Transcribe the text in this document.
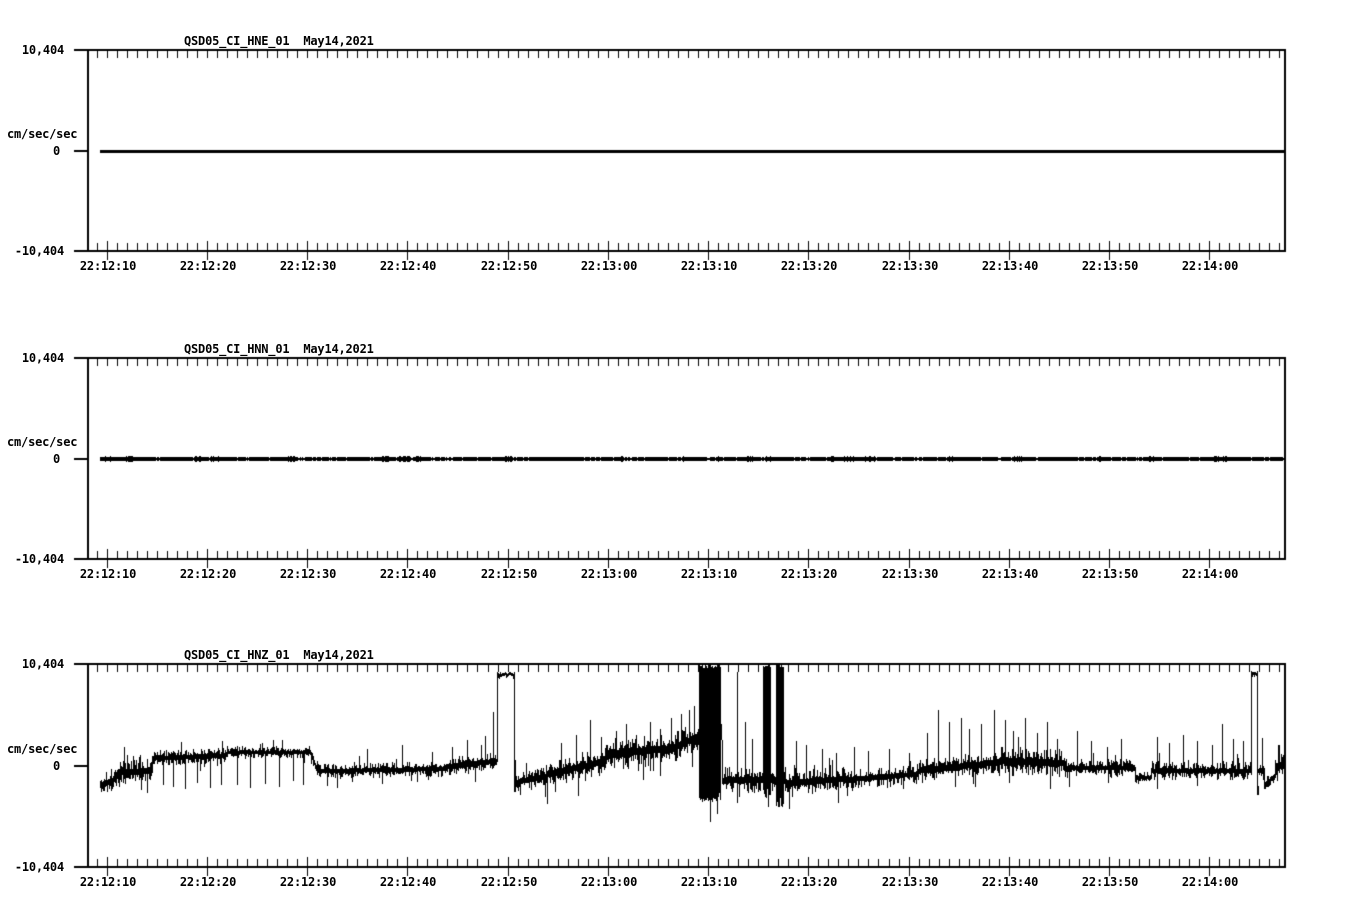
QSD05_CI_HNE_01 May14,2021
10,404
cm/sec/sec
0
-10,404
22:12:10	22:12:20	22:12:30	22:12:40	22:12:50	22:13:00	22:13:10	22:13:20	22:13:30	22:13:40	22:13:50	22:14:00
QSD05_CI_HNN_01 May14,2021
10,404
cm/sec/sec
0
-10,404
22:12:10	22:12:20	22:12:30	22:12:40	22:12:50	22:13:00	22:13:10	22:13:20	22:13:30	22:13:40	22:13:50	22:14:00
QSD05_CI_HNZ_01 May14,2021
10,404
cm/sec/sec
0
-10,404
22:12:10	22:12:20	22:12:30	22:12:40	22:12:50	22:13:00	22:13:10	22:13:20	22:13:30	22:13:40	22:13:50	22:14:00
